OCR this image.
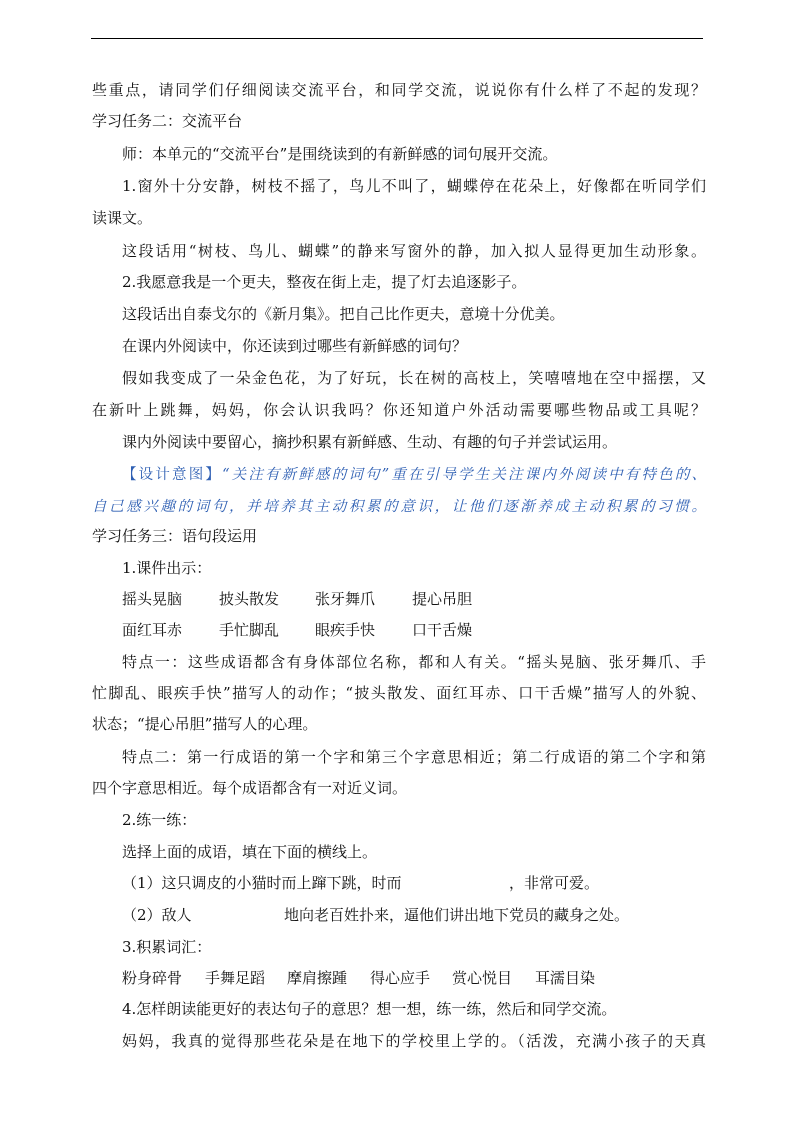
些重点，请同学们仔细阅读交流平台，和同学交流，说说你有什么样了不起的发现？
学习任务二：交流平台
师：本单元的“交流平台”是围绕读到的有新鲜感的词句展开交流。
1.窗外十分安静，树枝不摇了，鸟儿不叫了，蝴蝶停在花朵上，好像都在听同学们
读课文。
这段话用“树枝、鸟儿、蝴蝶”的静来写窗外的静，加入拟人显得更加生动形象。
2.我愿意我是一个更夫，整夜在街上走，提了灯去追逐影子。
这段话出自泰戈尔的《新月集》。把自己比作更夫，意境十分优美。
在课内外阅读中，你还读到过哪些有新鲜感的词句？
假如我变成了一朵金色花，为了好玩，长在树的高枝上，笑嘻嘻地在空中摇摆，又
在新叶上跳舞，妈妈，你会认识我吗？你还知道户外活动需要哪些物品或工具呢？
课内外阅读中要留心，摘抄积累有新鲜感、生动、有趣的句子并尝试运用。
【设计意图】“关注有新鲜感的词句”重在引导学生关注课内外阅读中有特色的、
自己感兴趣的词句，并培养其主动积累的意识，让他们逐渐养成主动积累的习惯。
学习任务三：语句段运用
1.课件出示：
摇头晃脑 披头散发 张牙舞爪 提心吊胆
面红耳赤 手忙脚乱 眼疾手快 口干舌燥
特点一：这些成语都含有身体部位名称，都和人有关。“摇头晃脑、张牙舞爪、手
忙脚乱、眼疾手快”描写人的动作；“披头散发、面红耳赤、口干舌燥”描写人的外貌、
状态；“提心吊胆”描写人的心理。
特点二：第一行成语的第一个字和第三个字意思相近；第二行成语的第二个字和第
四个字意思相近。每个成语都含有一对近义词。
2.练一练：
选择上面的成语，填在下面的横线上。
（1）这只调皮的小猫时而上蹿下跳，时而	，非常可爱。
（2）敌人	地向老百姓扑来，逼他们讲出地下党员的藏身之处。
3.积累词汇：
粉身碎骨 手舞足蹈 摩肩擦踵 得心应手 赏心悦目 耳濡目染
4.怎样朗读能更好的表达句子的意思？想一想，练一练，然后和同学交流。
妈妈，我真的觉得那些花朵是在地下的学校里上学的。（活泼，充满小孩子的天真
